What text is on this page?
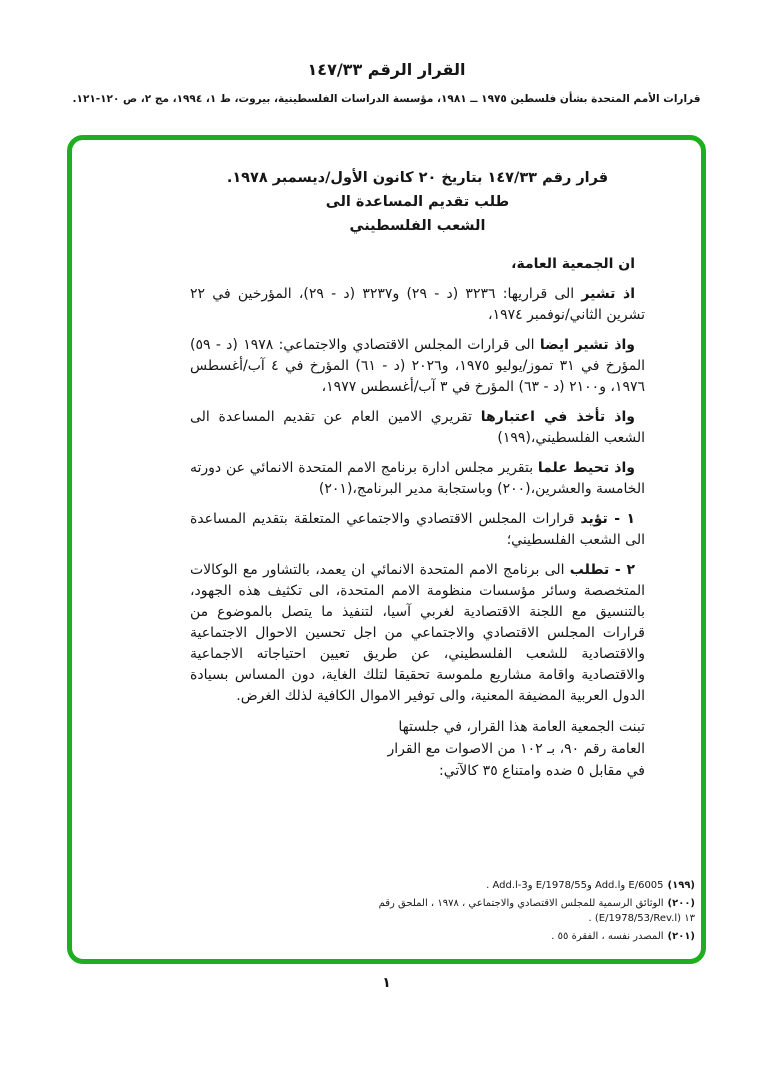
القرار الرقم ١٤٧/٣٣
قرارات الأمم المتحدة بشأن فلسطين ١٩٧٥ ــ ١٩٨١، مؤسسة الدراسات الفلسطينية، بيروت، ط ١، ١٩٩٤، مج ٢، ص ١٢٠-١٢١.
قرار رقم ١٤٧/٣٣ بتاريخ ٢٠ كانون الأول/ديسمبر ١٩٧٨.
طلب تقديم المساعدة الى
الشعب الفلسطيني

ان الجمعية العامة،

اذ تشير الى قراريها: ٣٢٣٦ (د - ٢٩) و٣٢٣٧ (د - ٢٩)، المؤرخين في ٢٢ تشرين الثاني/نوفمبر ١٩٧٤،

واذ تشير ايضا الى قرارات المجلس الاقتصادي والاجتماعي: ١٩٧٨ (د - ٥٩) المؤرخ في ٣١ تموز/يوليو ١٩٧٥، و٢٠٢٦ (د - ٦١) المؤرخ في ٤ آب/أغسطس ١٩٧٦، و٢١٠٠ (د - ٦٣) المؤرخ في ٣ آب/أغسطس ١٩٧٧،

واذ تأخذ في اعتبارها تقريري الامين العام عن تقديم المساعدة الى الشعب الفلسطيني،(١٩٩)

واذ تحيط علما بتقرير مجلس ادارة برنامج الامم المتحدة الانمائي عن دورته الخامسة والعشرين،(٢٠٠) وباستجابة مدير البرنامج،(٢٠١)

١ - تؤيد قرارات المجلس الاقتصادي والاجتماعي المتعلقة بتقديم المساعدة الى الشعب الفلسطيني؛

٢ - تطلب الى برنامج الامم المتحدة الانمائي ان يعمد، بالتشاور مع الوكالات المتخصصة وسائر مؤسسات منظومة الامم المتحدة، الى تكثيف هذه الجهود، بالتنسيق مع اللجنة الاقتصادية لغربي آسيا، لتنفيذ ما يتصل بالموضوع من قرارات المجلس الاقتصادي والاجتماعي من اجل تحسين الاحوال الاجتماعية والاقتصادية للشعب الفلسطيني، عن طريق تعيين احتياجاته الاجماعية والاقتصادية واقامة مشاريع ملموسة تحقيقا لتلك الغاية، دون المساس بسيادة الدول العربية المضيفة المعنية، والى توفير الاموال الكافية لذلك الغرض.

تبنت الجمعية العامة هذا القرار، في جلستها العامة رقم ٩٠، بـ ١٠٢ من الاصوات مع القرار في مقابل ٥ ضده وامتناع ٣٥ كالآتي:
(١٩٩)E/6005 وAdd.l وE/1978/55 وAdd.l-3 .
(٢٠٠)الوثائق الرسمية للمجلس الاقتصادي والاجتماعي ، ١٩٧٨ ، الملحق رقم ١٣ (E/1978/53/Rev.l) .
(٢٠١)المصدر نفسه ، الفقرة ٥٥ .
١
